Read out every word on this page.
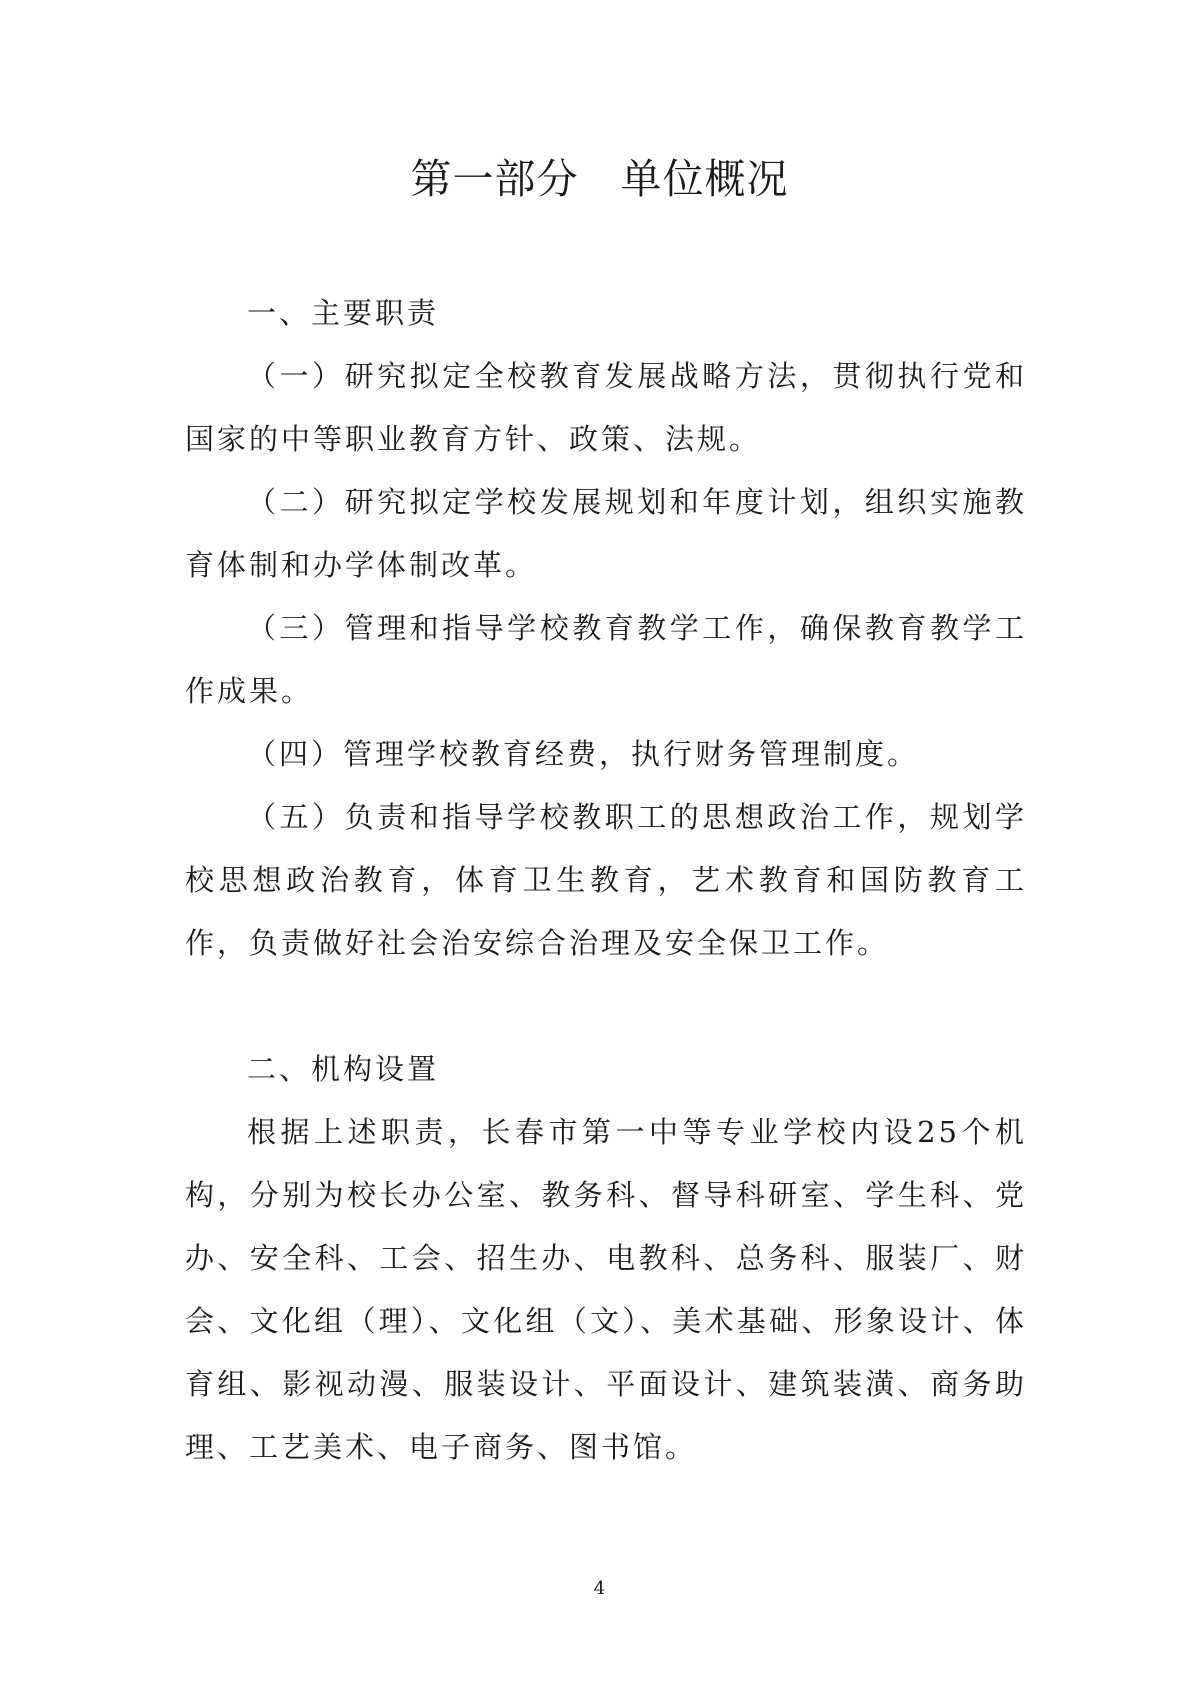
第一部分　单位概况

一、主要职责

（一）研究拟定全校教育发展战略方法，贯彻执行党和国家的中等职业教育方针、政策、法规。

（二）研究拟定学校发展规划和年度计划，组织实施教育体制和办学体制改革。

（三）管理和指导学校教育教学工作，确保教育教学工作成果。

（四）管理学校教育经费，执行财务管理制度。

（五）负责和指导学校教职工的思想政治工作，规划学校思想政治教育，体育卫生教育，艺术教育和国防教育工作，负责做好社会治安综合治理及安全保卫工作。

二、机构设置

根据上述职责，长春市第一中等专业学校内设25个机构，分别为校长办公室、教务科、督导科研室、学生科、党办、安全科、工会、招生办、电教科、总务科、服装厂、财会、文化组（理）、文化组（文）、美术基础、形象设计、体育组、影视动漫、服装设计、平面设计、建筑装潢、商务助理、工艺美术、电子商务、图书馆。

4
